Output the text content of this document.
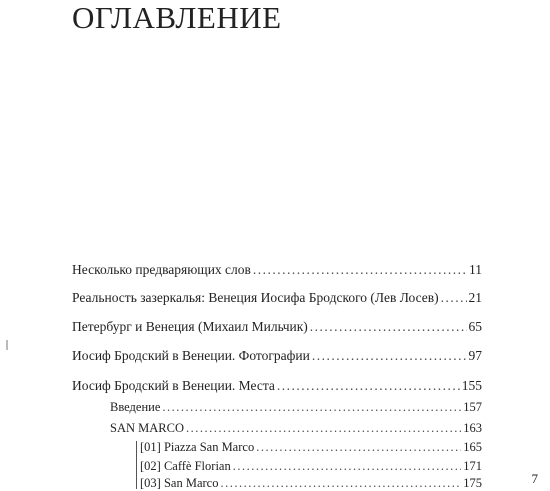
ОГЛАВЛЕНИЕ
Несколько предваряющих слов .....	11
Реальность зазеркалья: Венеция Иосифа Бродского (Лев Лосев) ..... 21
Петербург и Венеция (Михаил Мильчик) .....	65
Иосиф Бродский в Венеции. Фотографии .....	97
Иосиф Бродский в Венеции. Места .....	155
Введение .....	157
SAN MARCO .....	163
[01] Piazza San Marco .....	165
[02] Caffè Florian .....	171
[03] San Marco .....	175	7
